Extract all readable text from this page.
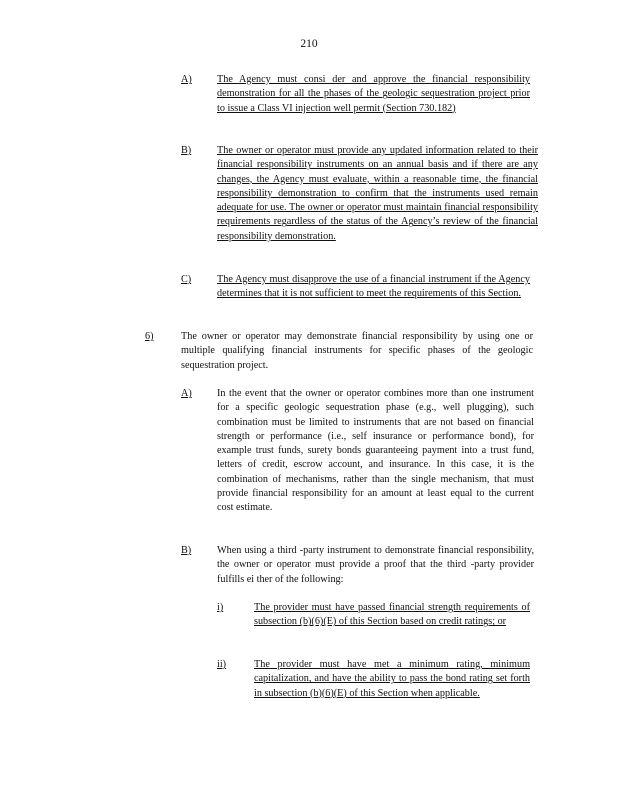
210
A) The Agency must consi der and approve the financial responsibility demonstration for all the phases of the geologic sequestration project prior to issue a Class VI injection well permit (Section 730.182)
B)	The owner or operator must provide any updated information related to their financial responsibility instruments on an annual basis and if there are any changes, the Agency must evaluate, within a reasonable time, the financial responsibility demonstration to confirm that the instruments used remain adequate for use. The owner or operator must maintain financial responsibility requirements regardless of the status of the Agency’s review of the financial responsibility demonstration.
C)	The Agency must disapprove the use of a financial instrument if the Agency determines that it is not sufficient to meet the requirements of this Section.
6)	The owner or operator may demonstrate financial responsibility by using one or multiple qualifying financial instruments for specific phases of the geologic sequestration project.
A) In the event that the owner or operator combines more than one instrument for a specific geologic sequestration phase (e.g., well plugging), such combination must be limited to instruments that are not based on financial strength or performance (i.e., self insurance or performance bond), for example trust funds, surety bonds guaranteeing payment into a trust fund, letters of credit, escrow account, and insurance. In this case, it is the combination of mechanisms, rather than the single mechanism, that must provide financial responsibility for an amount at least equal to the current cost estimate.
B)	When using a third -party instrument to demonstrate financial responsibility, the owner or operator must provide a proof that the third -party provider fulfills ei ther of the following:
i)	The provider must have passed financial strength requirements of subsection (b)(6)(E) of this Section based on credit ratings; or
ii)	The provider must have met a minimum rating, minimum capitalization, and have the ability to pass the bond rating set forth in subsection (b)(6)(E) of this Section when applicable.
